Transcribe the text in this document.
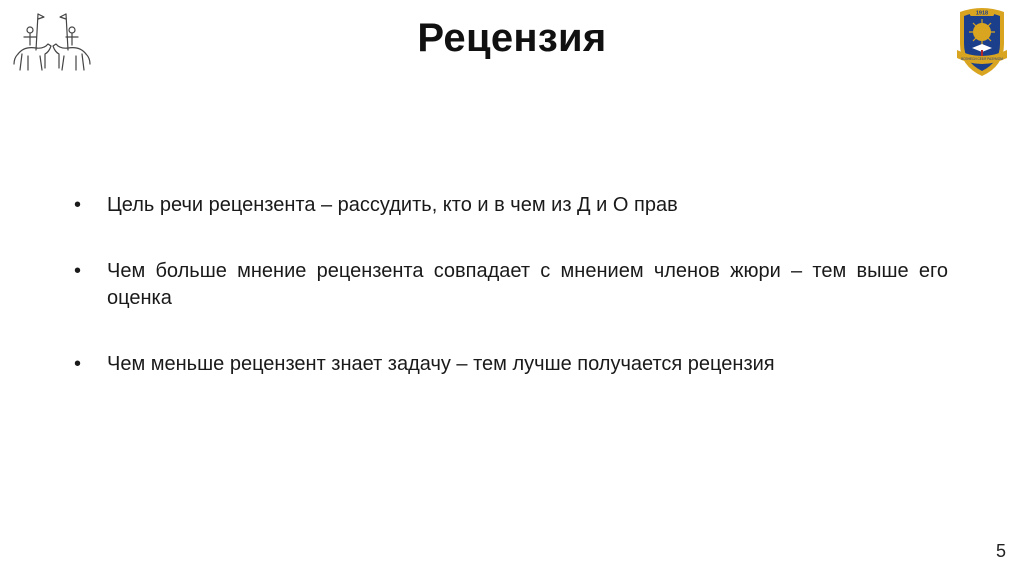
1918
ВОЗНЕСИ СЕБЯ РАЗУМОМ
Рецензия
• Цель речи рецензента – рассудить, кто и в чем из Д и О прав
• Чем больше мнение рецензента совпадает с мнением членов жюри – тем выше его оценка
• Чем меньше рецензент знает задачу – тем лучше получается рецензия
5
